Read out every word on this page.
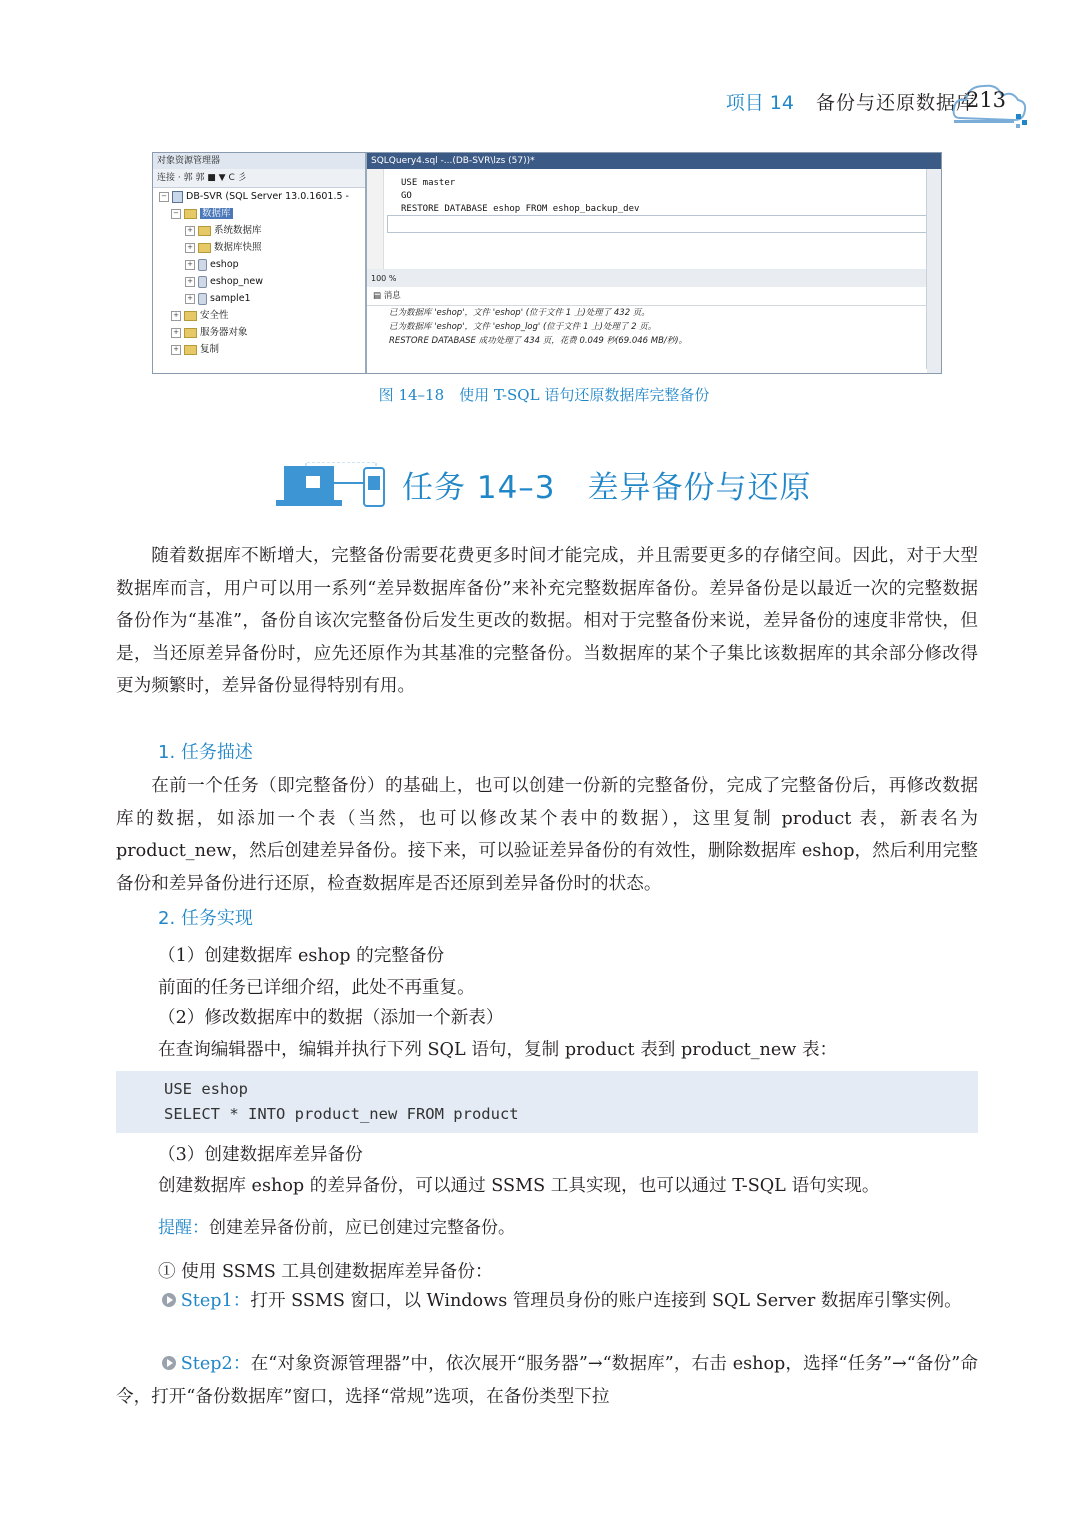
项目 14 备份与还原数据库
213
对象资源管理器
连接 · 郭 郭 ■ ▼ C 彡
− DB-SVR (SQL Server 13.0.1601.5 -
− 数据库
+ 系统数据库
+ 数据库快照
+ eshop
+ eshop_new
+ sample1
+ 安全性
+ 服务器对象
+ 复制
SQLQuery4.sql -...(DB-SVR\lzs (57))*
USE master
GO
RESTORE DATABASE eshop FROM eshop_backup_dev
100 %
▤ 消息
已为数据库 'eshop'，文件 'eshop' (位于文件 1 上)处理了 432 页。
已为数据库 'eshop'，文件 'eshop_log' (位于文件 1 上)处理了 2 页。
RESTORE DATABASE 成功处理了 434 页，花费 0.049 秒(69.046 MB/秒)。
图 14–18　使用 T-SQL 语句还原数据库完整备份
任务 14–3　差异备份与还原
随着数据库不断增大，完整备份需要花费更多时间才能完成，并且需要更多的存储空间。因此，对于大型数据库而言，用户可以用一系列“差异数据库备份”来补充完整数据库备份。差异备份是以最近一次的完整数据备份作为“基准”，备份自该次完整备份后发生更改的数据。相对于完整备份来说，差异备份的速度非常快，但是，当还原差异备份时，应先还原作为其基准的完整备份。当数据库的某个子集比该数据库的其余部分修改得更为频繁时，差异备份显得特别有用。
1. 任务描述
在前一个任务（即完整备份）的基础上，也可以创建一份新的完整备份，完成了完整备份后，再修改数据库的数据，如添加一个表（当然，也可以修改某个表中的数据），这里复制 product 表，新表名为 product_new，然后创建差异备份。接下来，可以验证差异备份的有效性，删除数据库 eshop，然后利用完整备份和差异备份进行还原，检查数据库是否还原到差异备份时的状态。
2. 任务实现
（1）创建数据库 eshop 的完整备份
前面的任务已详细介绍，此处不再重复。
（2）修改数据库中的数据（添加一个新表）
在查询编辑器中，编辑并执行下列 SQL 语句，复制 product 表到 product_new 表：
USE eshop
SELECT * INTO product_new FROM product
（3）创建数据库差异备份
创建数据库 eshop 的差异备份，可以通过 SSMS 工具实现，也可以通过 T-SQL 语句实现。
提醒：创建差异备份前，应已创建过完整备份。
① 使用 SSMS 工具创建数据库差异备份：
Step1：打开 SSMS 窗口，以 Windows 管理员身份的账户连接到 SQL Server 数据库引擎实例。
Step2：在“对象资源管理器”中，依次展开“服务器”→“数据库”，右击 eshop，选择“任务”→“备份”命令，打开“备份数据库”窗口，选择“常规”选项，在备份类型下拉
